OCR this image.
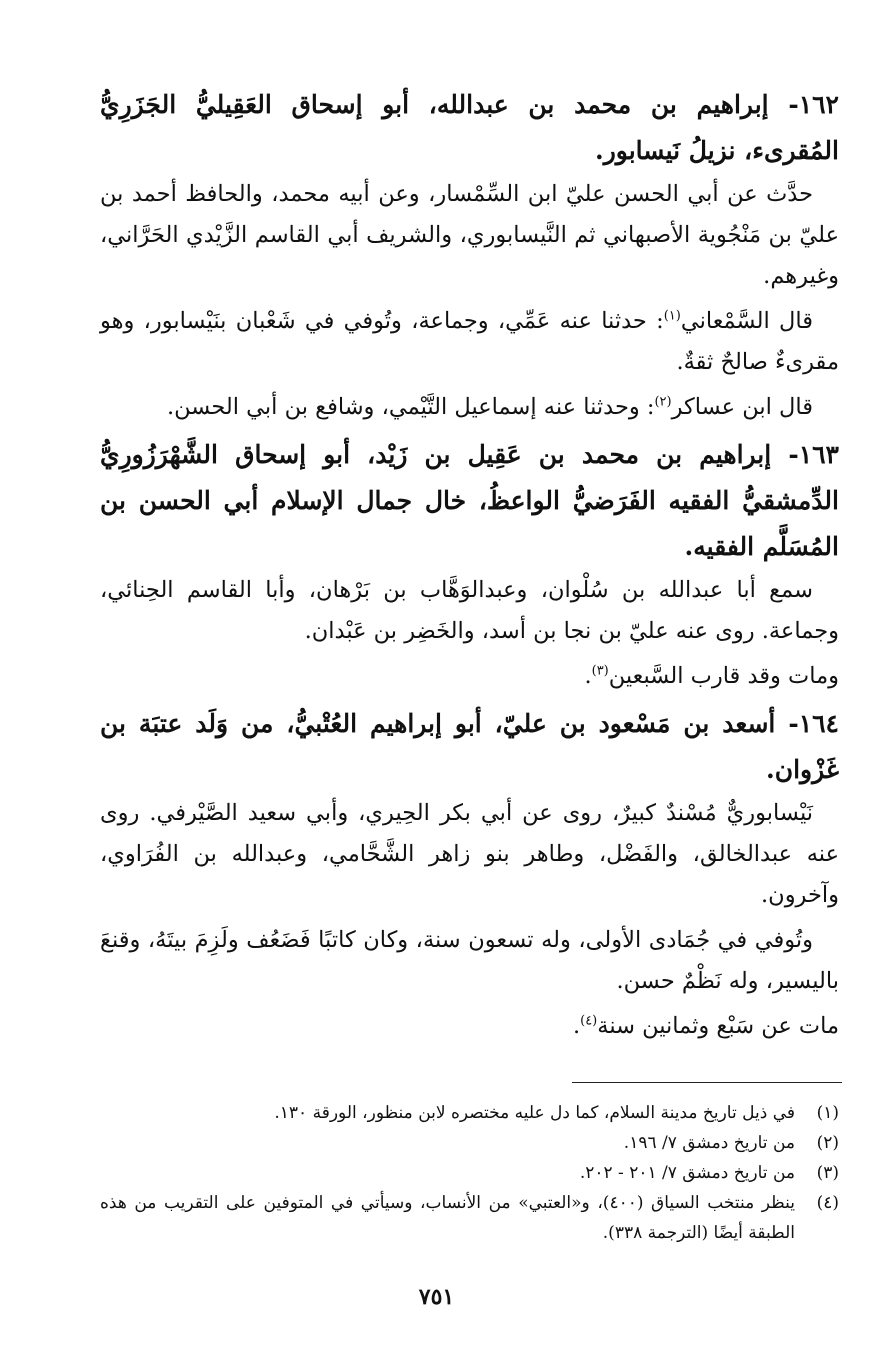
١٦٢- إبراهيم بن محمد بن عبدالله، أبو إسحاق العَقِيليُّ الجَزَرِيُّ المُقرىء، نزيلُ نَيسابور.

حدَّث عن أبي الحسن عليّ ابن السِّمْسار، وعن أبيه محمد، والحافظ أحمد بن عليّ بن مَنْجُوية الأصبهاني ثم النَّيسابوري، والشريف أبي القاسم الزَّيْدي الحَرَّاني، وغيرهم.

قال السَّمْعاني$^{(١)}$: حدثنا عنه عَمِّي، وجماعة، وتُوفي في شَعْبان بنَيْسابور، وهو مقرىءٌ صالحٌ ثقةٌ.

قال ابن عساكر$^{(٢)}$: وحدثنا عنه إسماعيل التَّيْمي، وشافع بن أبي الحسن.

١٦٣- إبراهيم بن محمد بن عَقِيل بن زَيْد، أبو إسحاق الشَّهْرَزُورِيُّ الدِّمشقيُّ الفقيه الفَرَضيُّ الواعظُ، خال جمال الإسلام أبي الحسن بن المُسَلَّم الفقيه.

سمع أبا عبدالله بن سُلْوان، وعبدالوَهَّاب بن بَرْهان، وأبا القاسم الحِنائي، وجماعة. روى عنه عليّ بن نجا بن أسد، والخَضِر بن عَبْدان.

ومات وقد قارب السَّبعين$^{(٣)}$.

١٦٤- أسعد بن مَسْعود بن عليّ، أبو إبراهيم العُتْبيُّ، من وَلَد عتبَة بن غَزْوان.

نَيْسابوريٌّ مُسْندٌ كبيرٌ، روى عن أبي بكر الحِيري، وأبي سعيد الصَّيْرفي. روى عنه عبدالخالق، والفَضْل، وطاهر بنو زاهر الشَّحَّامي، وعبدالله بن الفُرَاوي، وآخرون.

وتُوفي في جُمَادى الأولى، وله تسعون سنة، وكان كاتبًا فَضَعُف ولَزِمَ بيتَهُ، وقنعَ باليسير، وله نَظْمٌ حسن.

مات عن سَبْع وثمانين سنة$^{(٤)}$.

(١)
في ذيل تاريخ مدينة السلام، كما دل عليه مختصره لابن منظور، الورقة ١٣٠.
(٢)
من تاريخ دمشق ٧/ ١٩٦.
(٣)
من تاريخ دمشق ٧/ ٢٠١ - ٢٠٢.
(٤)
ينظر منتخب السياق (٤٠٠)، و«العتبي» من الأنساب، وسيأتي في المتوفين على التقريب من هذه الطبقة أيضًا (الترجمة ٣٣٨).
٧٥١
